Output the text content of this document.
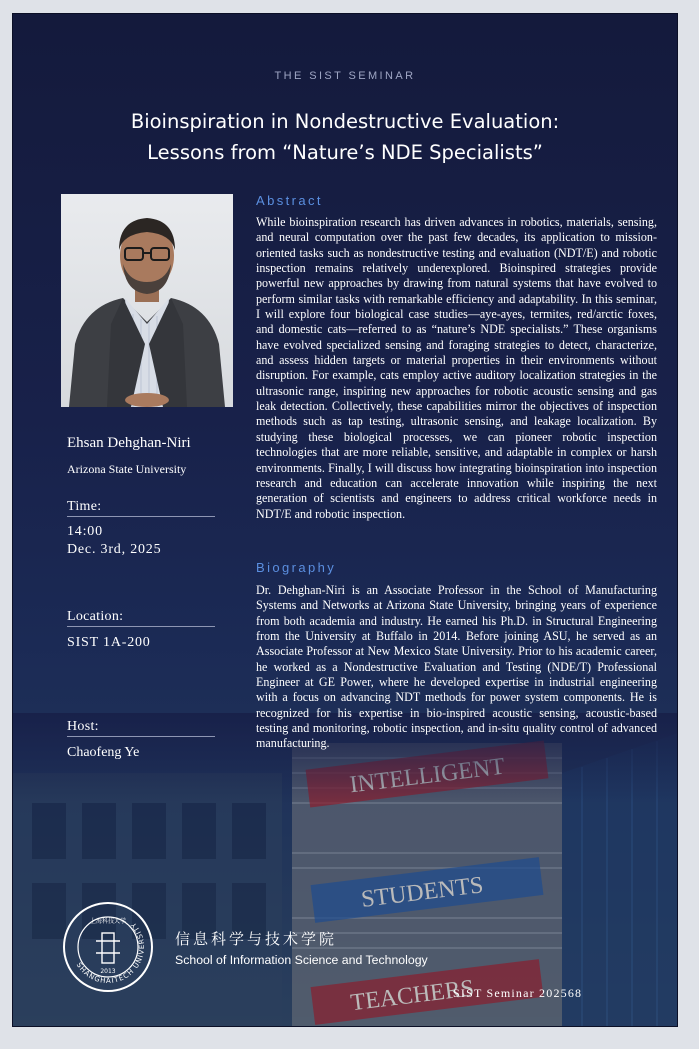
STUDENTS
TEACHERS
THE SIST SEMINAR
Bioinspiration in Nondestructive Evaluation:
Lessons from “Nature’s NDE Specialists”
Ehsan Dehghan-Niri
Arizona State University
Time:
14:00
Dec. 3rd, 2025
Location:
SIST 1A-200
Host:
Chaofeng Ye
Abstract
While bioinspiration research has driven advances in robotics, materials, sensing, and neural computation over the past few decades, its application to mission-oriented tasks such as nondestructive testing and evaluation (NDT/E) and robotic inspection remains relatively underexplored. Bioinspired strategies provide powerful new approaches by drawing from natural systems that have evolved to perform similar tasks with remarkable efficiency and adaptability. In this seminar, I will explore four biological case studies—aye-ayes, termites, red/arctic foxes, and domestic cats—referred to as “nature’s NDE specialists.” These organisms have evolved specialized sensing and foraging strategies to detect, characterize, and assess hidden targets or material properties in their environments without disruption. For example, cats employ active auditory localization strategies in the ultrasonic range, inspiring new approaches for robotic acoustic sensing and gas leak detection. Collectively, these capabilities mirror the objectives of inspection methods such as tap testing, ultrasonic sensing, and leakage localization. By studying these biological processes, we can pioneer robotic inspection technologies that are more reliable, sensitive, and adaptable in complex or harsh environments. Finally, I will discuss how integrating bioinspiration into inspection research and education can accelerate innovation while inspiring the next generation of scientists and engineers to address critical workforce needs in NDT/E and robotic inspection.
Biography
Dr. Dehghan-Niri is an Associate Professor in the School of Manufacturing Systems and Networks at Arizona State University, bringing years of experience from both academia and industry. He earned his Ph.D. in Structural Engineering from the University at Buffalo in 2014. Before joining ASU, he served as an Associate Professor at New Mexico State University. Prior to his academic career, he worked as a Nondestructive Evaluation and Testing (NDE/T) Professional Engineer at GE Power, where he developed expertise in industrial engineering with a focus on advancing NDT methods for power system components. He is recognized for his expertise in bio-inspired acoustic sensing, acoustic-based testing and monitoring, robotic inspection, and in-situ quality control of advanced manufacturing.
SHANGHAITECH UNIVERSITY
上海科技大学
2013
信息科学与技术学院
School of Information Science and Technology
SIST Seminar 202568
